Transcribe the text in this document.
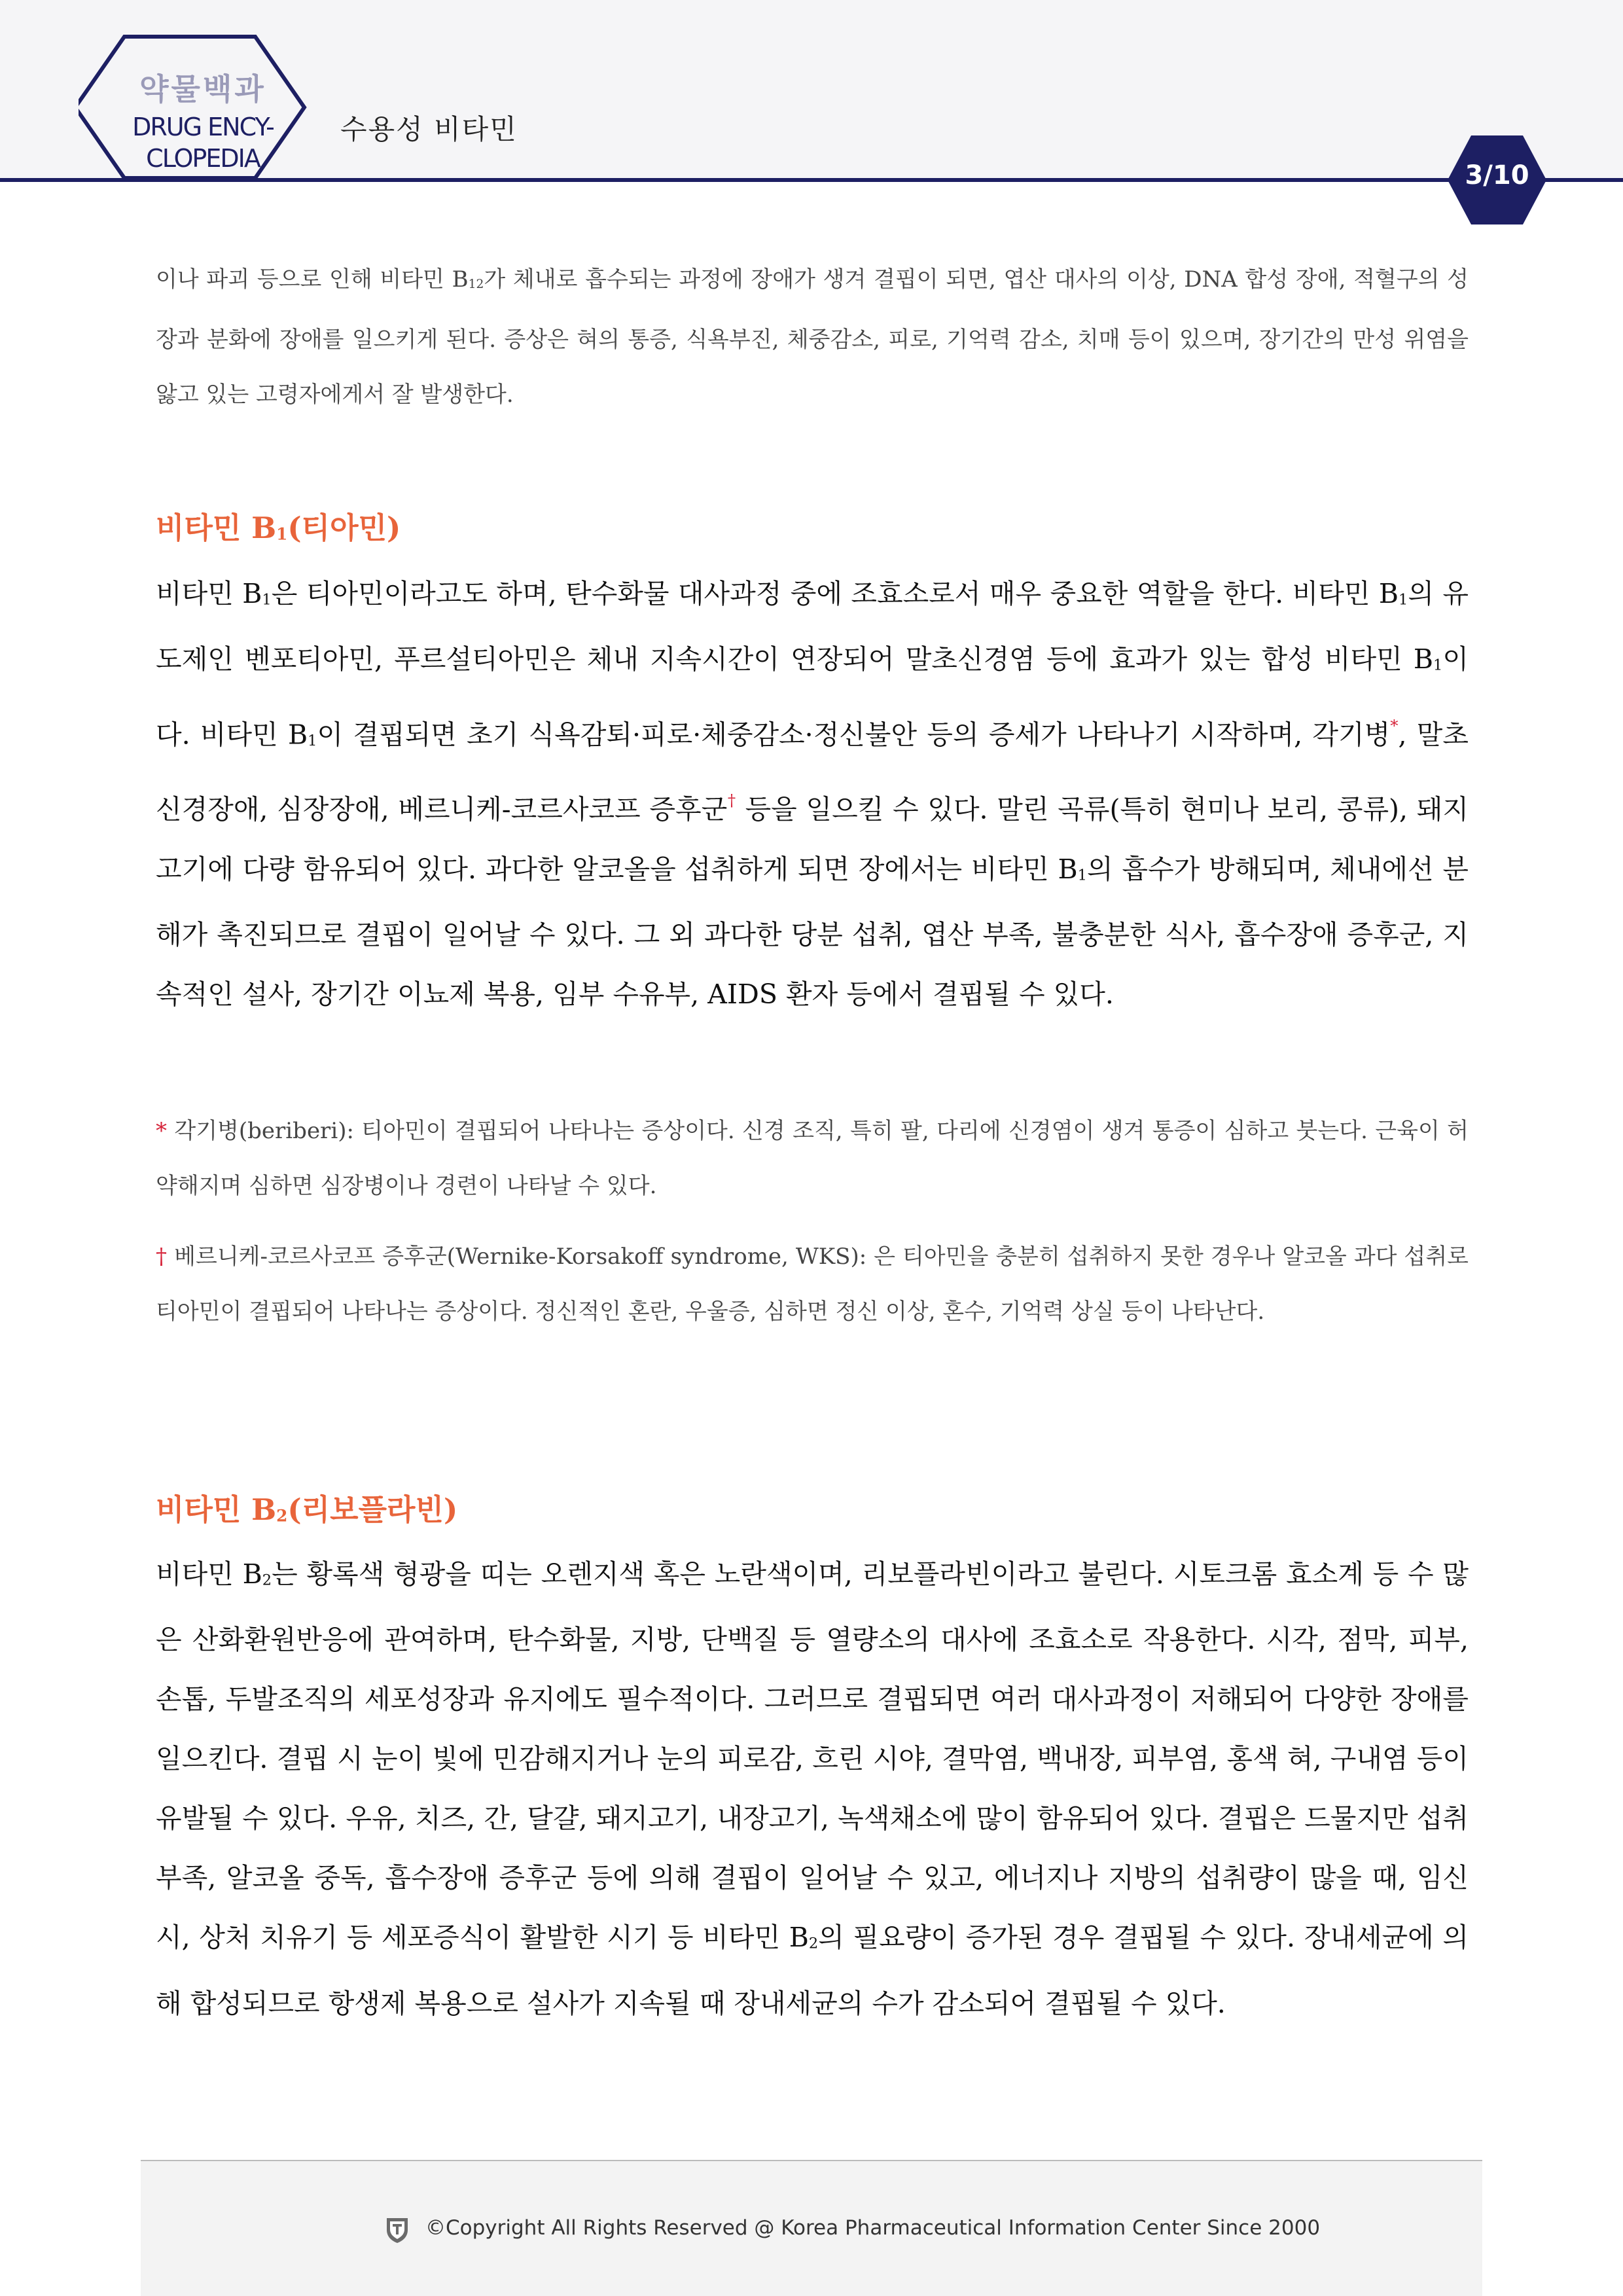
약물백과
DRUG ENCY-
CLOPEDIA
수용성 비타민
3/10

이나 파괴 등으로 인해 비타민 $B_{12}$가 체내로 흡수되는 과정에 장애가 생겨 결핍이 되면, 엽산 대사의 이상, DNA 합성 장애, 적혈구의 성장과 분화에 장애를 일으키게 된다. 증상은 혀의 통증, 식욕부진, 체중감소, 피로, 기억력 감소, 치매 등이 있으며, 장기간의 만성 위염을 앓고 있는 고령자에게서 잘 발생한다.

비타민 $B_1$(티아민)

비타민 $B_1$은 티아민이라고도 하며, 탄수화물 대사과정 중에 조효소로서 매우 중요한 역할을 한다. 비타민 $B_1$의 유도제인 벤포티아민, 푸르설티아민은 체내 지속시간이 연장되어 말초신경염 등에 효과가 있는 합성 비타민 $B_1$이다. 비타민 $B_1$이 결핍되면 초기 식욕감퇴·피로·체중감소·정신불안 등의 증세가 나타나기 시작하며, 각기병*, 말초신경장애, 심장장애, 베르니케-코르사코프 증후군† 등을 일으킬 수 있다. 말린 곡류(특히 현미나 보리, 콩류), 돼지고기에 다량 함유되어 있다. 과다한 알코올을 섭취하게 되면 장에서는 비타민 $B_1$의 흡수가 방해되며, 체내에선 분해가 촉진되므로 결핍이 일어날 수 있다. 그 외 과다한 당분 섭취, 엽산 부족, 불충분한 식사, 흡수장애 증후군, 지속적인 설사, 장기간 이뇨제 복용, 임부 수유부, AIDS 환자 등에서 결핍될 수 있다.

* 각기병(beriberi): 티아민이 결핍되어 나타나는 증상이다. 신경 조직, 특히 팔, 다리에 신경염이 생겨 통증이 심하고 붓는다. 근육이 허약해지며 심하면 심장병이나 경련이 나타날 수 있다.

† 베르니케-코르사코프 증후군(Wernike-Korsakoff syndrome, WKS): 은 티아민을 충분히 섭취하지 못한 경우나 알코올 과다 섭취로 티아민이 결핍되어 나타나는 증상이다. 정신적인 혼란, 우울증, 심하면 정신 이상, 혼수, 기억력 상실 등이 나타난다.

비타민 $B_2$(리보플라빈)

비타민 $B_2$는 황록색 형광을 띠는 오렌지색 혹은 노란색이며, 리보플라빈이라고 불린다. 시토크롬 효소계 등 수 많은 산화환원반응에 관여하며, 탄수화물, 지방, 단백질 등 열량소의 대사에 조효소로 작용한다. 시각, 점막, 피부, 손톱, 두발조직의 세포성장과 유지에도 필수적이다. 그러므로 결핍되면 여러 대사과정이 저해되어 다양한 장애를 일으킨다. 결핍 시 눈이 빛에 민감해지거나 눈의 피로감, 흐린 시야, 결막염, 백내장, 피부염, 홍색 혀, 구내염 등이 유발될 수 있다. 우유, 치즈, 간, 달걀, 돼지고기, 내장고기, 녹색채소에 많이 함유되어 있다. 결핍은 드물지만 섭취 부족, 알코올 중독, 흡수장애 증후군 등에 의해 결핍이 일어날 수 있고, 에너지나 지방의 섭취량이 많을 때, 임신 시, 상처 치유기 등 세포증식이 활발한 시기 등 비타민 $B_2$의 필요량이 증가된 경우 결핍될 수 있다. 장내세균에 의해 합성되므로 항생제 복용으로 설사가 지속될 때 장내세균의 수가 감소되어 결핍될 수 있다.

©Copyright All Rights Reserved @ Korea Pharmaceutical Information Center Since 2000
